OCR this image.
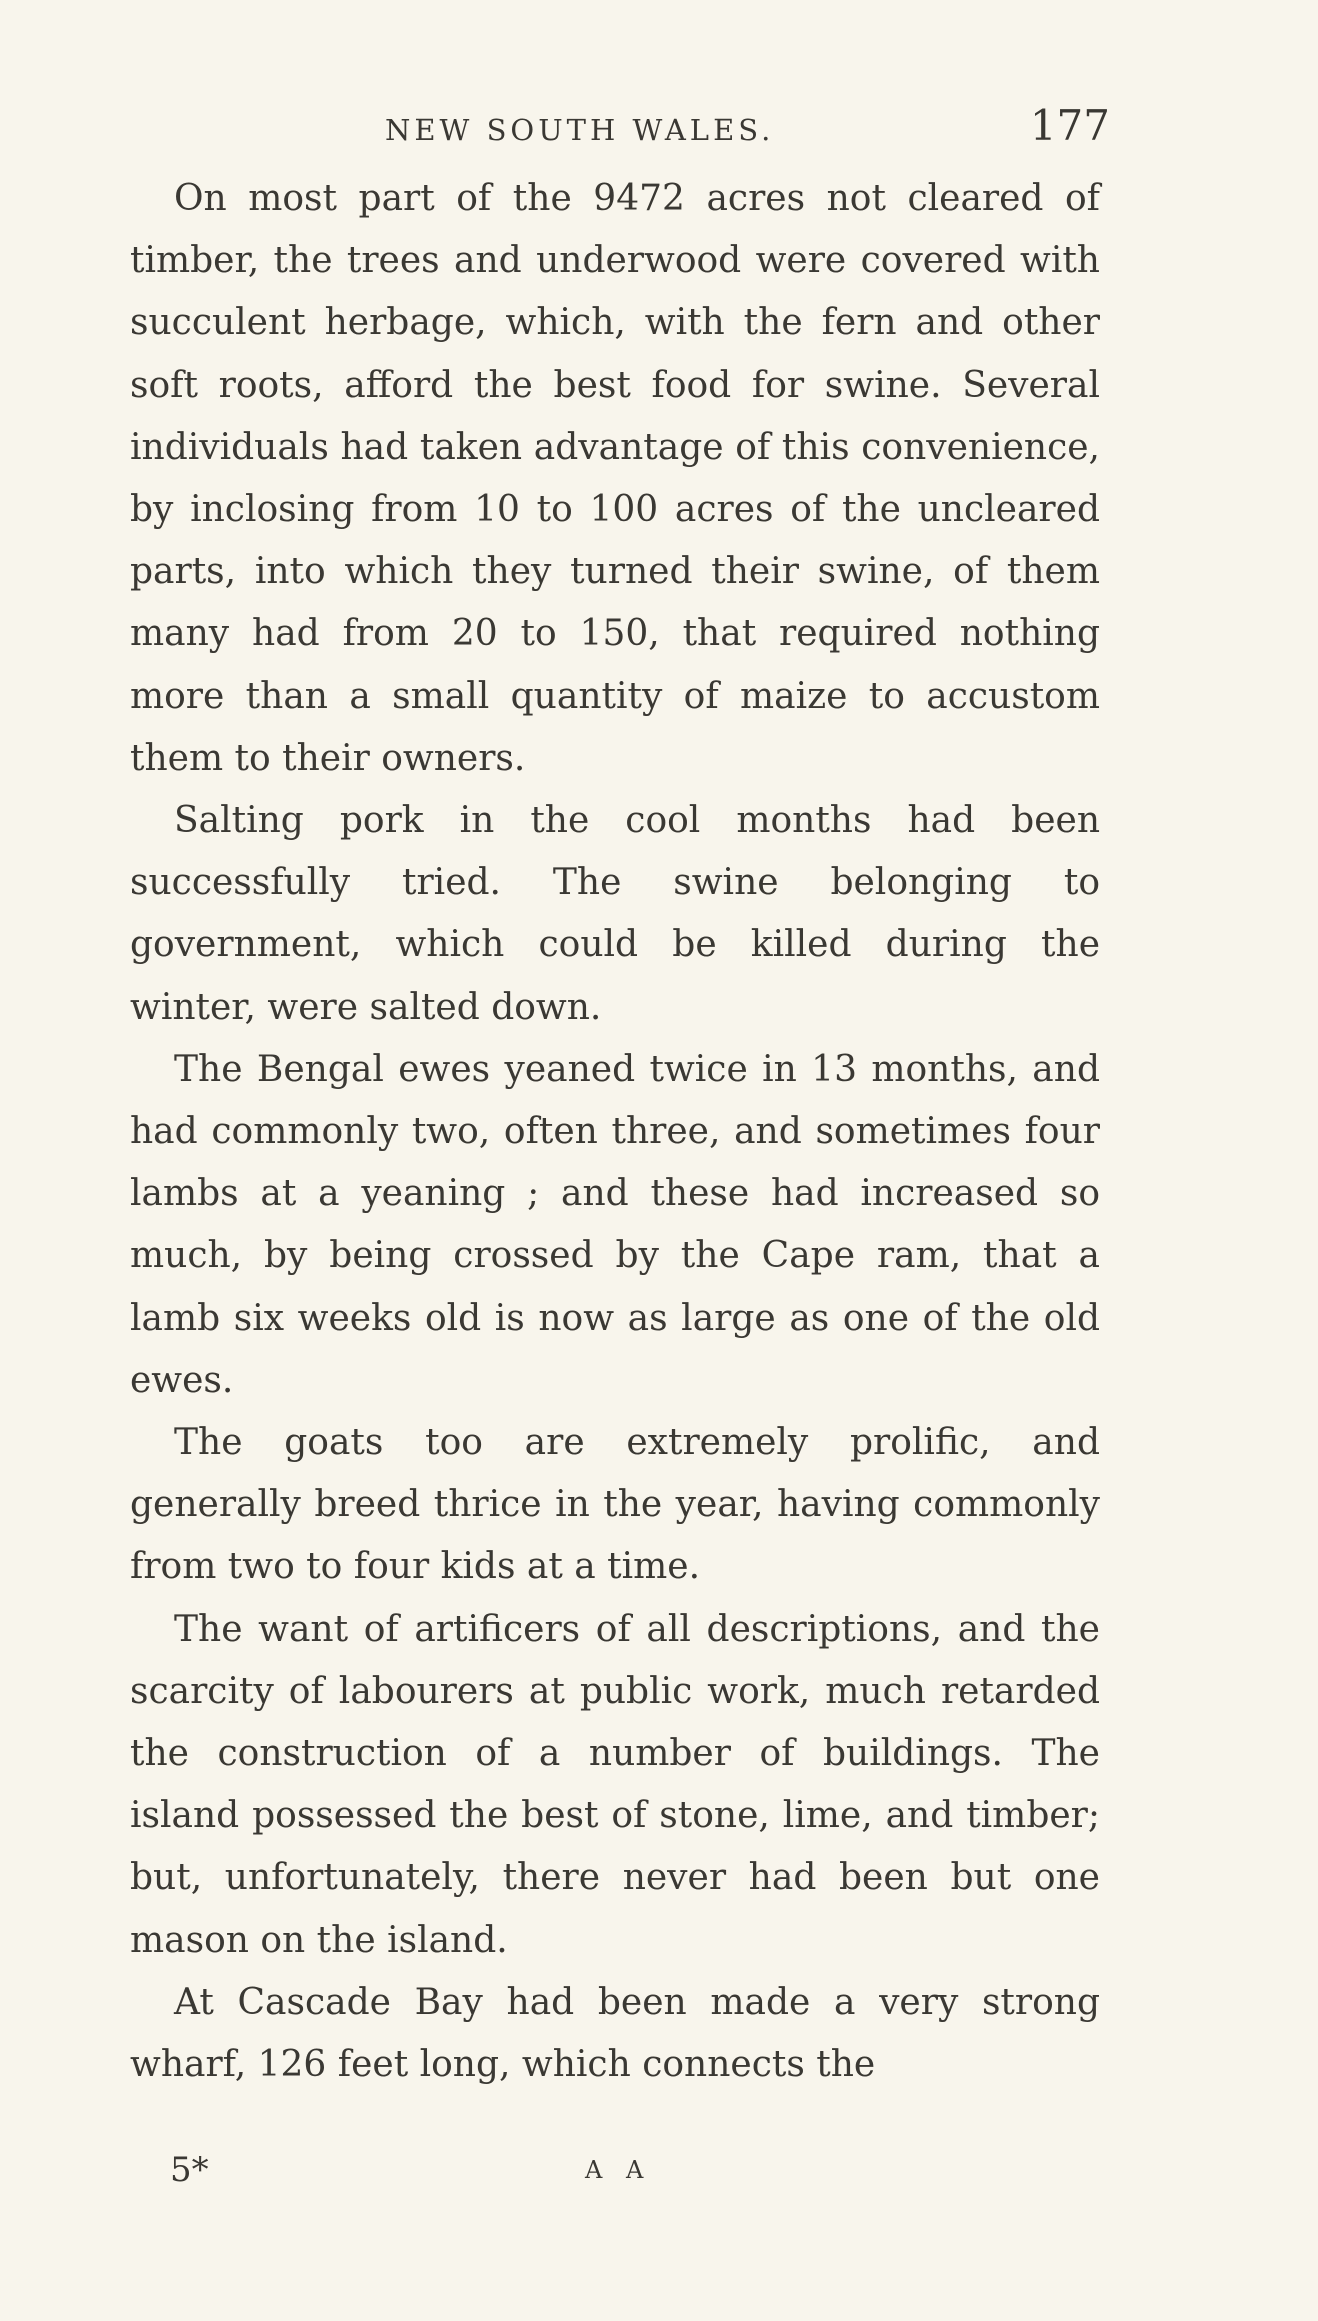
NEW SOUTH WALES.	177

On most part of the 9472 acres not cleared of timber, the trees and underwood were covered with succulent herbage, which, with the fern and other soft roots, afford the best food for swine. Several individuals had taken advantage of this convenience, by inclosing from 10 to 100 acres of the uncleared parts, into which they turned their swine, of them many had from 20 to 150, that required nothing more than a small quantity of maize to accustom them to their owners.

Salting pork in the cool months had been successfully tried. The swine belonging to government, which could be killed during the winter, were salted down.

The Bengal ewes yeaned twice in 13 months, and had commonly two, often three, and sometimes four lambs at a yeaning ; and these had increased so much, by being crossed by the Cape ram, that a lamb six weeks old is now as large as one of the old ewes.

The goats too are extremely prolific, and generally breed thrice in the year, having commonly from two to four kids at a time.

The want of artificers of all descriptions, and the scarcity of labourers at public work, much retarded the construction of a number of buildings. The island possessed the best of stone, lime, and timber; but, unfortunately, there never had been but one mason on the island.

At Cascade Bay had been made a very strong wharf, 126 feet long, which connects the

5*	A A
